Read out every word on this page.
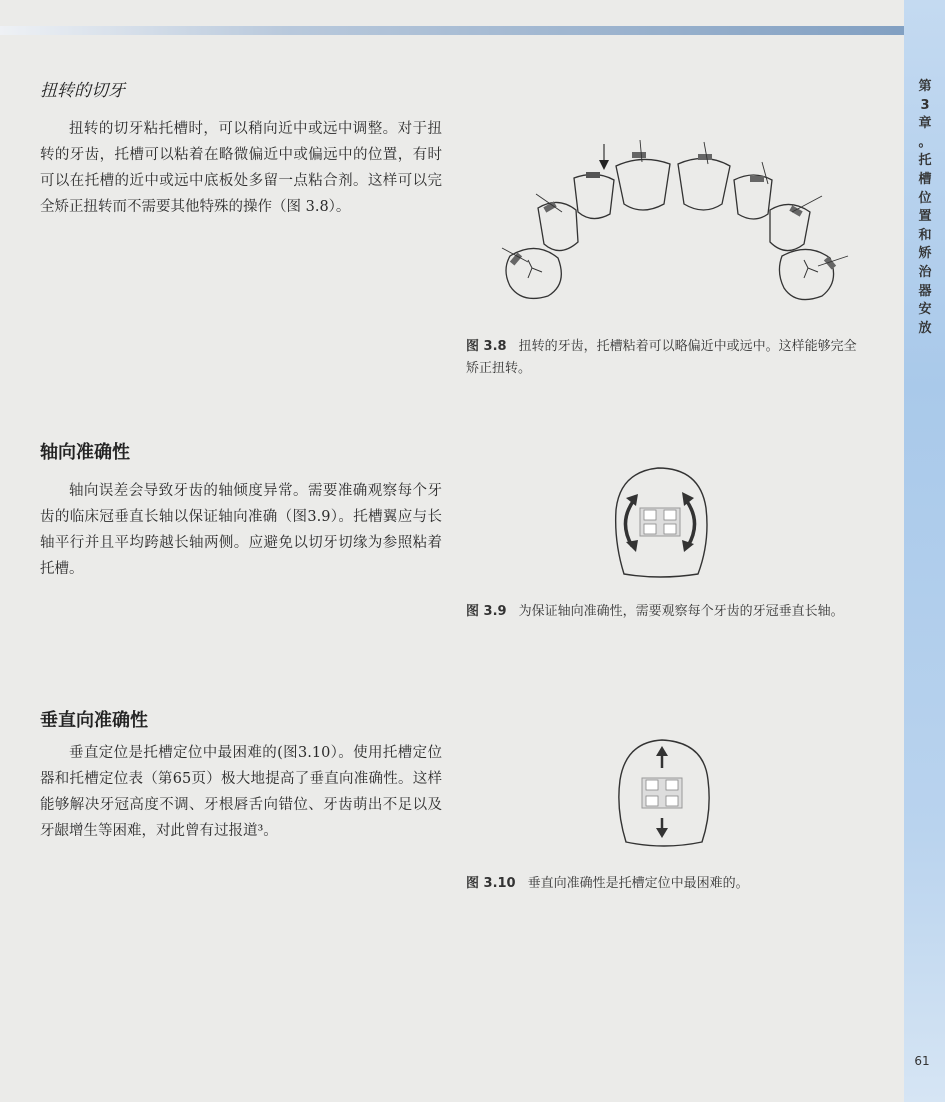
第
3
章
。
托
槽
位
置
和
矫
治
器
安
放
扭转的切牙

扭转的切牙粘托槽时，可以稍向近中或远中调整。对于扭转的牙齿，托槽可以粘着在略微偏近中或偏远中的位置，有时可以在托槽的近中或远中底板处多留一点粘合剂。这样可以完全矫正扭转而不需要其他特殊的操作（图 3.8）。

图 3.8 扭转的牙齿，托槽粘着可以略偏近中或远中。这样能够完全矫正扭转。

轴向准确性

轴向误差会导致牙齿的轴倾度异常。需要准确观察每个牙齿的临床冠垂直长轴以保证轴向准确（图3.9）。托槽翼应与长轴平行并且平均跨越长轴两侧。应避免以切牙切缘为参照粘着托槽。

图 3.9 为保证轴向准确性，需要观察每个牙齿的牙冠垂直长轴。

垂直向准确性

垂直定位是托槽定位中最困难的(图3.10）。使用托槽定位器和托槽定位表（第65页）极大地提高了垂直向准确性。这样能够解决牙冠高度不调、牙根唇舌向错位、牙齿萌出不足以及牙龈增生等困难，对此曾有过报道³。

图 3.10 垂直向准确性是托槽定位中最困难的。

61
